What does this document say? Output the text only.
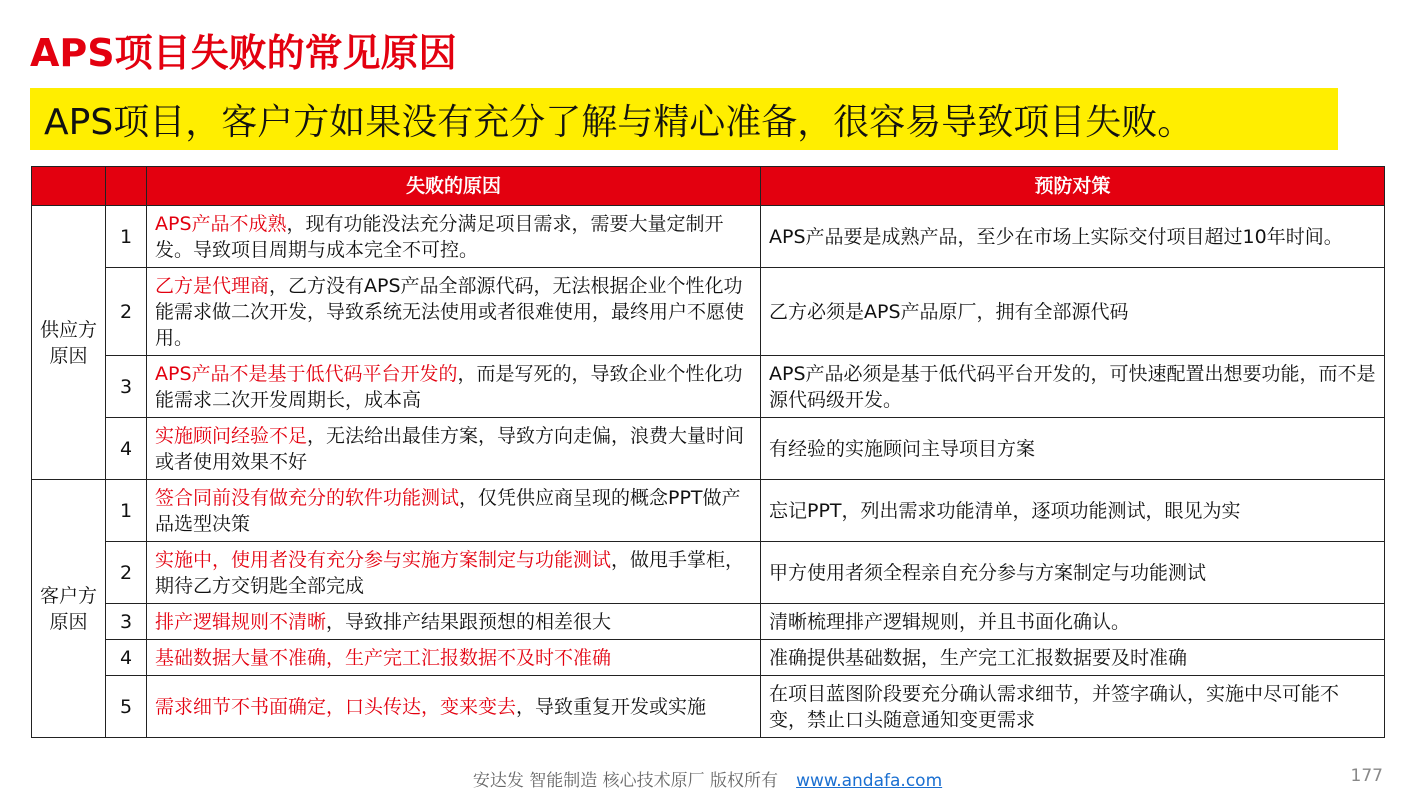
APS项目失败的常见原因
APS项目，客户方如果没有充分了解与精心准备，很容易导致项目失败。
		失败的原因	预防对策
供应方原因	1	APS产品不成熟，现有功能没法充分满足项目需求，需要大量定制开发。导致项目周期与成本完全不可控。	APS产品要是成熟产品，至少在市场上实际交付项目超过10年时间。
	2	乙方是代理商，乙方没有APS产品全部源代码，无法根据企业个性化功能需求做二次开发，导致系统无法使用或者很难使用，最终用户不愿使用。	乙方必须是APS产品原厂，拥有全部源代码
	3	APS产品不是基于低代码平台开发的，而是写死的，导致企业个性化功能需求二次开发周期长，成本高	APS产品必须是基于低代码平台开发的，可快速配置出想要功能，而不是源代码级开发。
	4	实施顾问经验不足，无法给出最佳方案，导致方向走偏，浪费大量时间或者使用效果不好	有经验的实施顾问主导项目方案
客户方原因	1	签合同前没有做充分的软件功能测试，仅凭供应商呈现的概念PPT做产品选型决策	忘记PPT，列出需求功能清单，逐项功能测试，眼见为实
	2	实施中，使用者没有充分参与实施方案制定与功能测试，做甩手掌柜，期待乙方交钥匙全部完成	甲方使用者须全程亲自充分参与方案制定与功能测试
	3	排产逻辑规则不清晰，导致排产结果跟预想的相差很大	清晰梳理排产逻辑规则，并且书面化确认。
	4	基础数据大量不准确，生产完工汇报数据不及时不准确	准确提供基础数据，生产完工汇报数据要及时准确
	5	需求细节不书面确定，口头传达，变来变去，导致重复开发或实施	在项目蓝图阶段要充分确认需求细节，并签字确认，实施中尽可能不变，禁止口头随意通知变更需求
安达发 智能制造 核心技术原厂 版权所有 www.andafa.com	177
